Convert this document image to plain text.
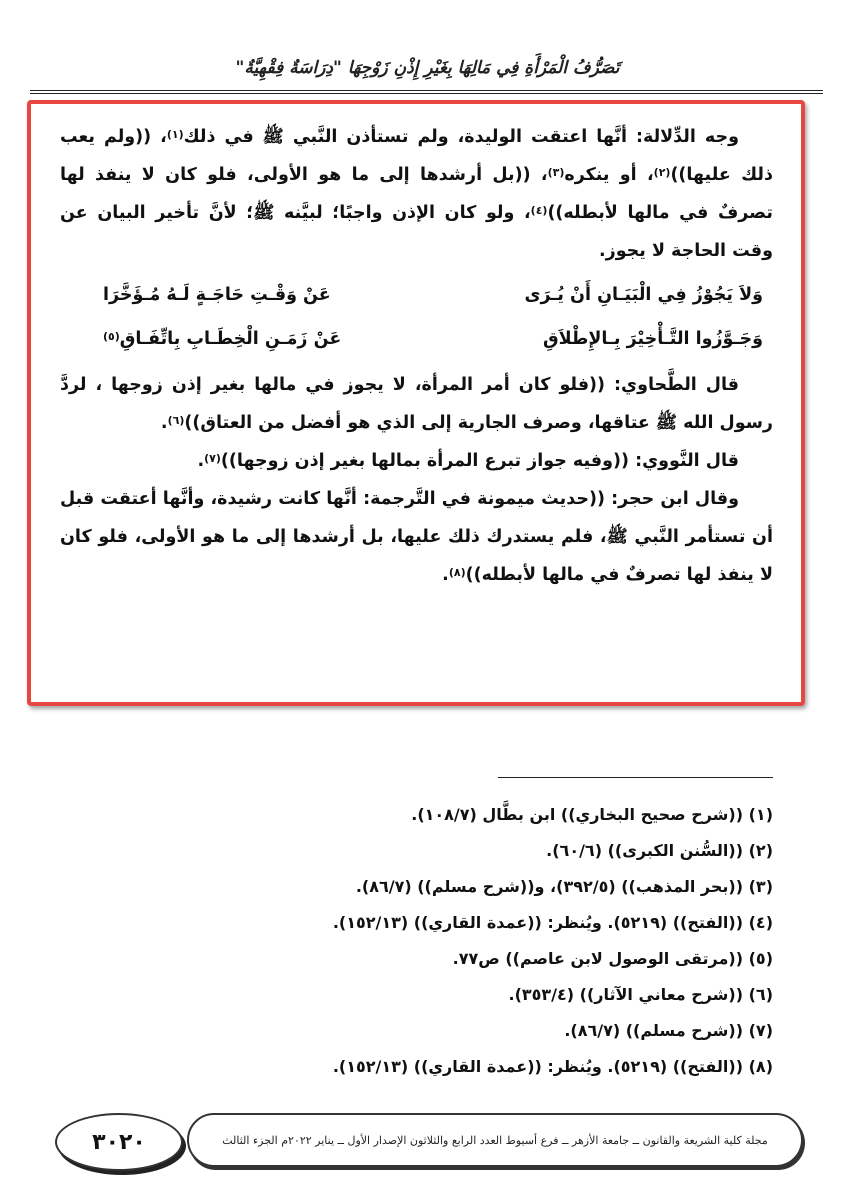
تَصَرُّفُ الْمَرْأَةِ فِي مَالِهَا بِغَيْرِ إِذْنِ زَوْجِهَا "دِرَاسَةٌ فِقْهِيَّةٌ"

وجه الدِّلالة: أنَّها اعتقت الوليدة، ولم تستأذن النَّبي ﷺ في ذلك$^{(١)}$، ((ولم يعب ذلك عليها))$^{(٢)}$، أو ينكره$^{(٣)}$، ((بل أرشدها إلى ما هو الأولى، فلو كان لا ينفذ لها تصرفٌ في مالها لأبطله))$^{(٤)}$، ولو كان الإذن واجبًا؛ لبيَّنه ﷺ؛ لأنَّ تأخير البيان عن وقت الحاجة لا يجوز.

وَلاَ يَجُوْزُ فِي الْبَيَـانِ أَنْ يُـرَى
عَنْ وَقْـتِ حَاجَـةٍ لَـهُ مُـؤَخَّرَا
وَجَـوَّزُوا التَّـأْخِيْرَ بِـالإِطْلاَقِ
عَنْ زَمَـنِ الْخِطَـابِ بِاتِّفَـاقِ(٥)

قال الطَّحاوي: ((فلو كان أمر المرأة، لا يجوز في مالها بغير إذن زوجها ، لردَّ رسول الله ﷺ عتاقها، وصرف الجارية إلى الذي هو أفضل من العتاق))$^{(٦)}$.

قال النَّووي: ((وفيه جواز تبرع المرأة بمالها بغير إذن زوجها))$^{(٧)}$.

وقال ابن حجر: ((حديث ميمونة في التَّرجمة: أنَّها كانت رشيدة، وأنَّها أعتقت قبل أن تستأمر النَّبي ﷺ، فلم يستدرك ذلك عليها، بل أرشدها إلى ما هو الأولى، فلو كان لا ينفذ لها تصرفٌ في مالها لأبطله))$^{(٨)}$.

(١) ((شرح صحيح البخاري)) ابن بطَّال (١٠٨/٧).
(٢) ((السُّنن الكبرى)) (٦٠/٦).
(٣) ((بحر المذهب)) (٣٩٢/٥)، و((شرح مسلم)) (٨٦/٧).
(٤) ((الفتح)) (٥٢١٩). ويُنظر: ((عمدة القاري)) (١٥٢/١٣).
(٥) ((مرتقى الوصول لابن عاصم)) ص٧٧.
(٦) ((شرح معاني الآثار)) (٣٥٣/٤).
(٧) ((شرح مسلم)) (٨٦/٧).
(٨) ((الفتح)) (٥٢١٩). ويُنظر: ((عمدة القاري)) (١٥٢/١٣).
٣٠٢٠	مجلة كلية الشريعة والقانون ــ جامعة الأزهر ــ فرع أسيوط العدد الرابع والثلاثون الإصدار الأول ــ يناير ٢٠٢٢م الجزء الثالث
